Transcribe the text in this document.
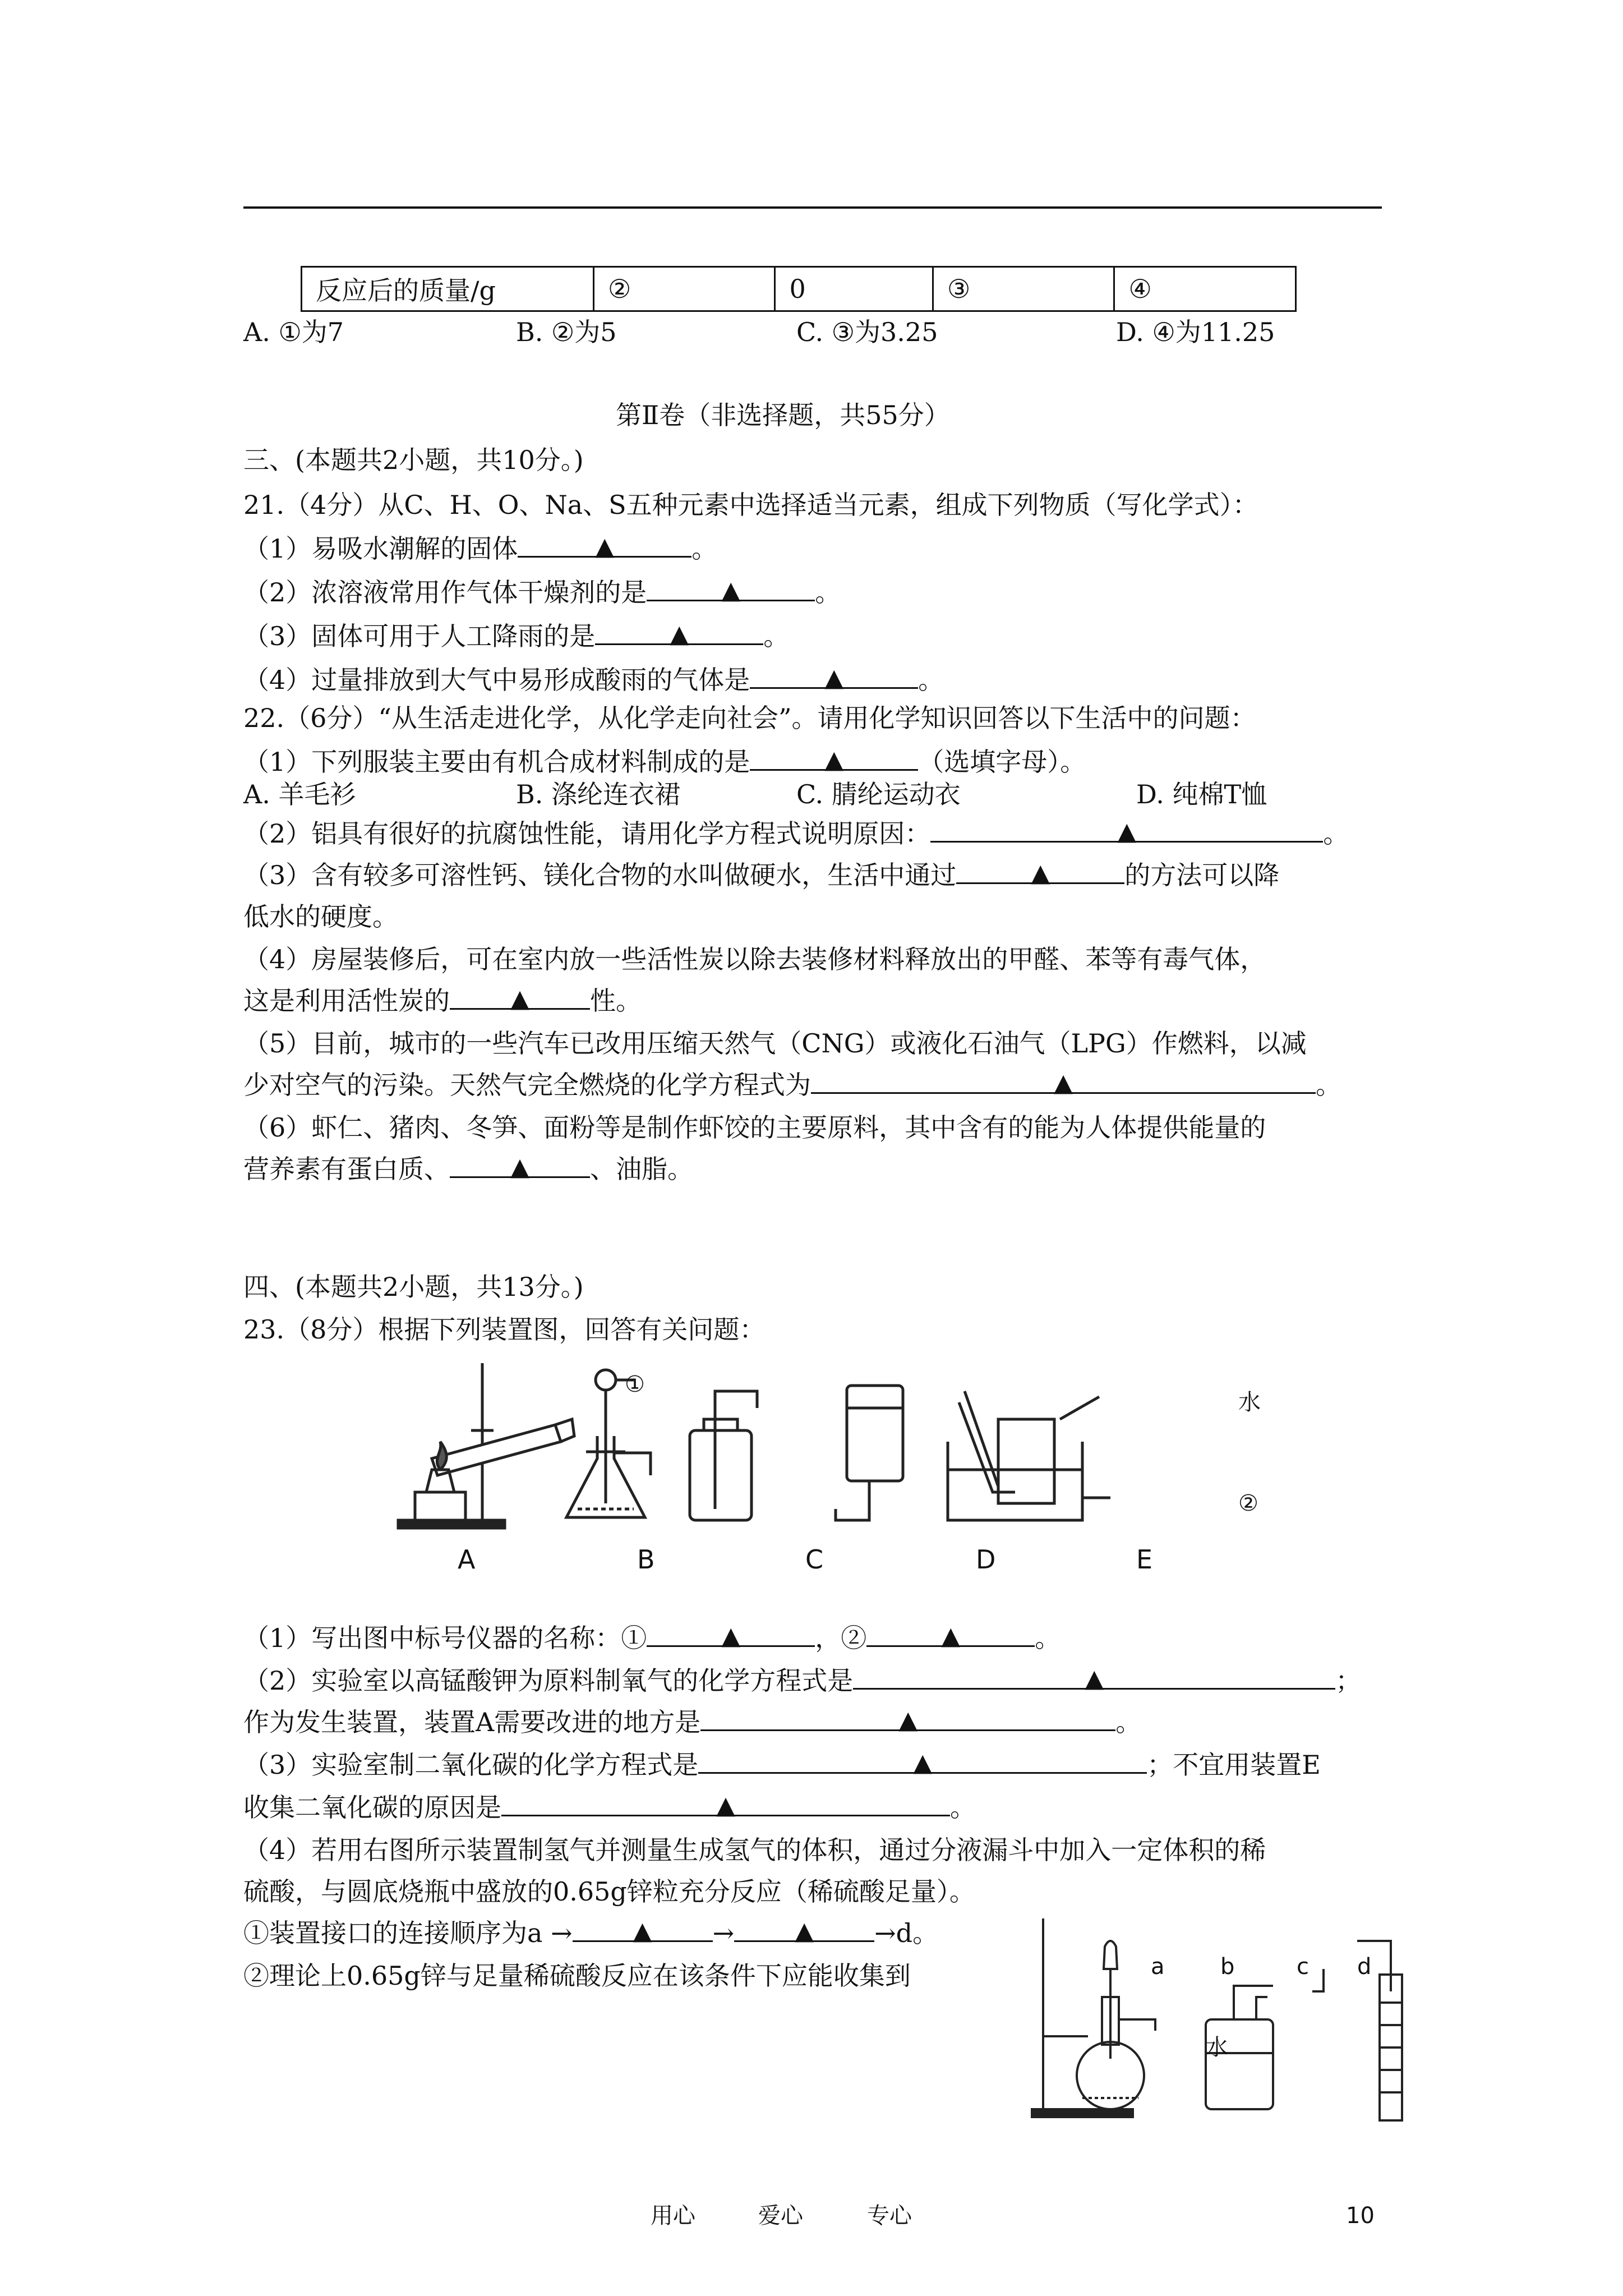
反应后的质量/g	②	0	③	④
A. ①为7	B. ②为5	C. ③为3.25	D. ④为11.25
第Ⅱ卷（非选择题，共55分）
三、(本题共2小题，共10分。)
21.（4分）从C、H、O、Na、S五种元素中选择适当元素，组成下列物质（写化学式）：
（1）易吸水潮解的固体	▲	。
（2）浓溶液常用作气体干燥剂的是	▲	。
（3）固体可用于人工降雨的是	▲	。
（4）过量排放到大气中易形成酸雨的气体是	▲	。
22.（6分）“从生活走进化学，从化学走向社会”。请用化学知识回答以下生活中的问题：
（1）下列服装主要由有机合成材料制成的是	▲	（选填字母）。
A. 羊毛衫	B. 涤纶连衣裙	C. 腈纶运动衣	D. 纯棉T恤
（2）铝具有很好的抗腐蚀性能，请用化学方程式说明原因：	▲	。
（3）含有较多可溶性钙、镁化合物的水叫做硬水，生活中通过	▲	的方法可以降
低水的硬度。
（4）房屋装修后，可在室内放一些活性炭以除去装修材料释放出的甲醛、苯等有毒气体，
这是利用活性炭的 ▲ 性。
（5）目前，城市的一些汽车已改用压缩天然气（CNG）或液化石油气（LPG）作燃料，以减
少对空气的污染。天然气完全燃烧的化学方程式为	▲	。
（6）虾仁、猪肉、冬笋、面粉等是制作虾饺的主要原料，其中含有的能为人体提供能量的
营养素有蛋白质、 ▲ 、油脂。
四、(本题共2小题，共13分。)
23.（8分）根据下列装置图，回答有关问题：
①
水
②
A	B	C	D	E
（1）写出图中标号仪器的名称：①	▲	，②	▲	。
（2）实验室以高锰酸钾为原料制氧气的化学方程式是	▲	；
作为发生装置，装置A需要改进的地方是	▲	。
（3）实验室制二氧化碳的化学方程式是	▲	；不宜用装置E
收集二氧化碳的原因是	▲	。
（4）若用右图所示装置制氢气并测量生成氢气的体积，通过分液漏斗中加入一定体积的稀
硫酸，与圆底烧瓶中盛放的0.65g锌粒充分反应（稀硫酸足量）。
①装置接口的连接顺序为a → ▲ → ▲ →d。
②理论上0.65g锌与足量稀硫酸反应在该条件下应能收集到	a b	c d
水
用心	爱心	专心	10
